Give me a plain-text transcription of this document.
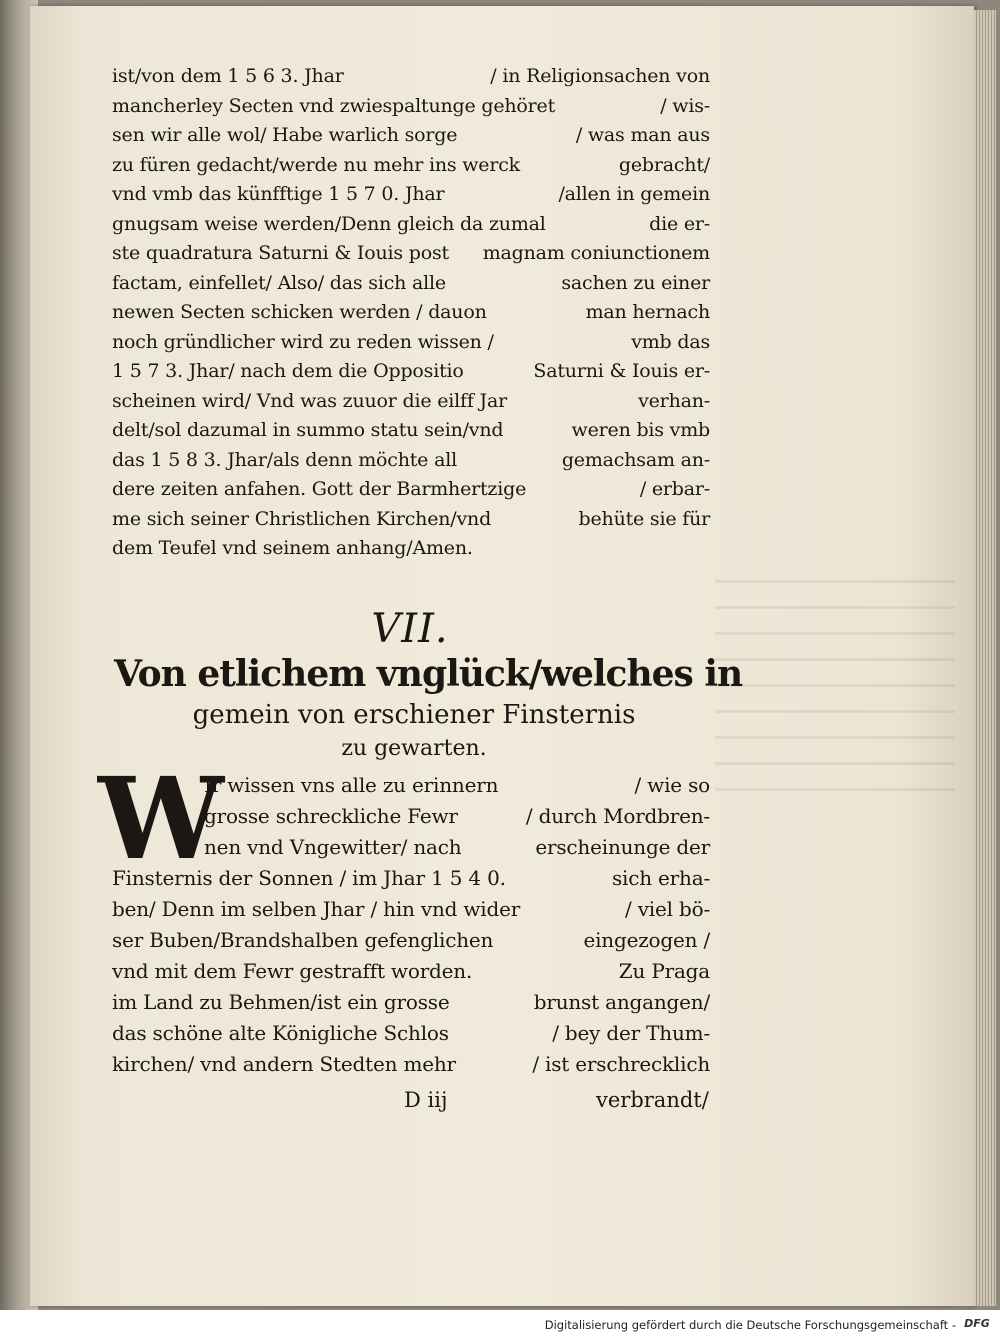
ist/von dem 1 5 6 3. Jhar	/ in Religionsachen von
mancherley Secten vnd zwiespaltunge gehöret	/ wis-
sen wir alle wol/ Habe warlich sorge	/ was man aus
zu füren gedacht/werde nu mehr ins werck	gebracht/
vnd vmb das künfftige 1 5 7 0. Jhar	/allen in gemein
gnugsam weise werden/Denn gleich da zumal	die er-
ste quadratura Saturni & Iouis post magnam coniunctionem
factam, einfellet/ Also/ das sich alle	sachen zu einer
newen Secten schicken werden / dauon	man hernach
noch gründlicher wird zu reden wissen /	vmb das
1 5 7 3. Jhar/ nach dem die Oppositio	Saturni & Iouis er-
scheinen wird/ Vnd was zuuor die eilff Jar	verhan-
delt/sol dazumal in summo statu sein/vnd	weren bis vmb
das 1 5 8 3. Jhar/als denn möchte all	gemachsam an-
dere zeiten anfahen. Gott der Barmhertzige	/ erbar-
me sich seiner Christlichen Kirchen/vnd	behüte sie für
dem Teufel vnd seinem anhang/Amen.
VII.
Von etlichem vnglück/welches in
gemein von erschiener Finsternis
zu gewarten.
W
Ir wissen vns alle zu erinnern	/ wie so
grosse schreckliche Fewr	/ durch Mordbren-
nen vnd Vngewitter/ nach	erscheinunge der
Finsternis der Sonnen / im Jhar 1 5 4 0.	sich erha-
ben/ Denn im selben Jhar / hin vnd wider	/ viel bö-
ser Buben/Brandshalben gefenglichen	eingezogen /
vnd mit dem Fewr gestrafft worden.	Zu Praga
im Land zu Behmen/ist ein grosse	brunst angangen/
das schöne alte Königliche Schlos	/ bey der Thum-
kirchen/ vnd andern Stedten mehr	/ ist erschrecklich
D iij	verbrandt/
Digitalisierung gefördert durch die Deutsche Forschungsgemeinschaft - DFG
